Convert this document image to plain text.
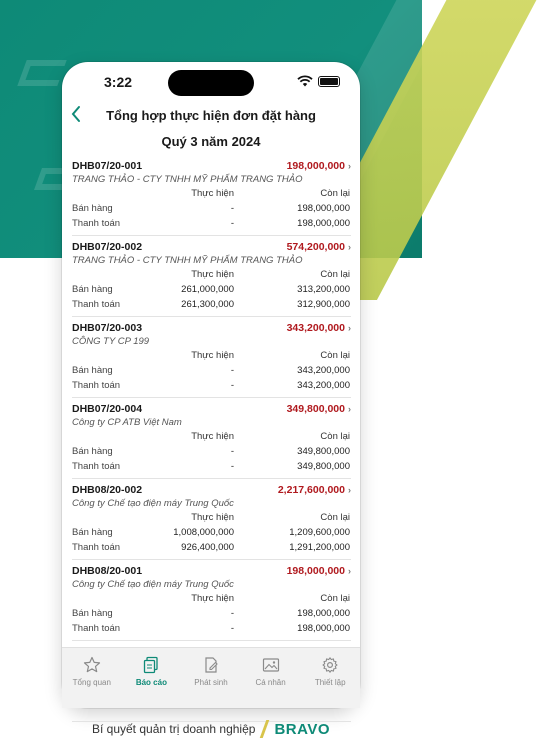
3:22
Tổng hợp thực hiện đơn đặt hàng
Quý 3 năm 2024
DHB07/20-001	198,000,000 ›
TRANG THẢO - CTY TNHH MỸ PHẨM TRANG THẢO
Thực hiện	Còn lại
Bán hàng	-	198,000,000
Thanh toán	-	198,000,000
DHB07/20-002	574,200,000 ›
TRANG THẢO - CTY TNHH MỸ PHẨM TRANG THẢO
Thực hiện	Còn lại
Bán hàng	261,000,000	313,200,000
Thanh toán	261,300,000	312,900,000
DHB07/20-003	343,200,000 ›
CÔNG TY CP 199
Thực hiện	Còn lại
Bán hàng	-	343,200,000
Thanh toán	-	343,200,000
DHB07/20-004	349,800,000 ›
Công ty CP ATB Việt Nam
Thực hiện	Còn lại
Bán hàng	-	349,800,000
Thanh toán	-	349,800,000
DHB08/20-002	2,217,600,000 ›
Công ty Chế tạo điện máy Trung Quốc
Thực hiện	Còn lại
Bán hàng	1,008,000,000	1,209,600,000
Thanh toán	926,400,000	1,291,200,000
DHB08/20-001	198,000,000 ›
Công ty Chế tạo điện máy Trung Quốc
Thực hiện	Còn lại
Bán hàng	-	198,000,000
Thanh toán	-	198,000,000
Tổng quan	Báo cáo	Phát sinh	Cá nhân	Thiết lập
Bí quyết quản trị doanh nghiệp BRAVO
